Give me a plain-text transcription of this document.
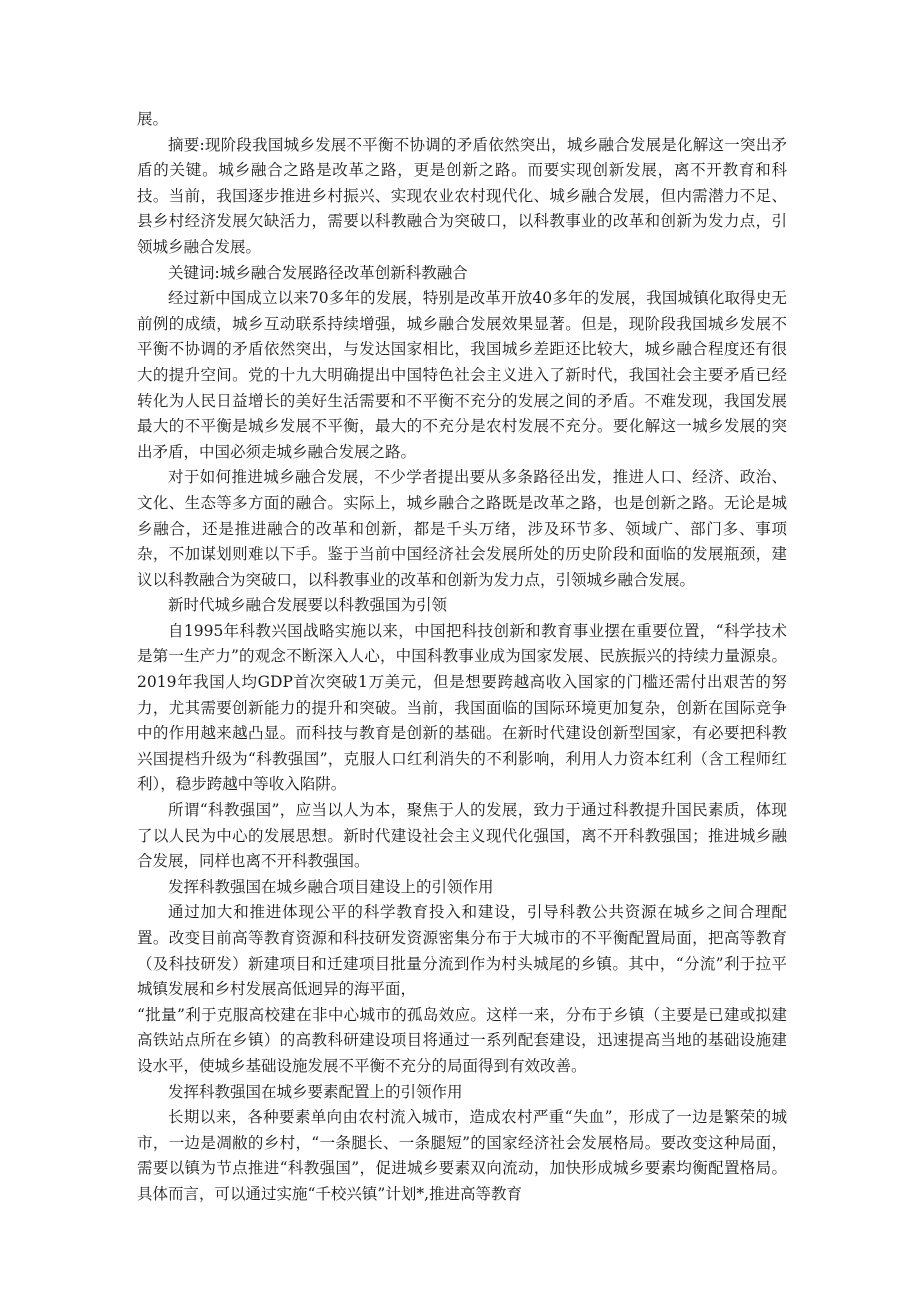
展。

摘要:现阶段我国城乡发展不平衡不协调的矛盾依然突出，城乡融合发展是化解这一突出矛盾的关键。城乡融合之路是改革之路，更是创新之路。而要实现创新发展，离不开教育和科技。当前，我国逐步推进乡村振兴、实现农业农村现代化、城乡融合发展，但内需潜力不足、县乡村经济发展欠缺活力，需要以科教融合为突破口，以科教事业的改革和创新为发力点，引领城乡融合发展。

关键词:城乡融合发展路径改革创新科教融合

经过新中国成立以来70多年的发展，特别是改革开放40多年的发展，我国城镇化取得史无前例的成绩，城乡互动联系持续增强，城乡融合发展效果显著。但是，现阶段我国城乡发展不平衡不协调的矛盾依然突出，与发达国家相比，我国城乡差距还比较大，城乡融合程度还有很大的提升空间。党的十九大明确提出中国特色社会主义进入了新时代，我国社会主要矛盾已经转化为人民日益增长的美好生活需要和不平衡不充分的发展之间的矛盾。不难发现，我国发展最大的不平衡是城乡发展不平衡，最大的不充分是农村发展不充分。要化解这一城乡发展的突出矛盾，中国必须走城乡融合发展之路。

对于如何推进城乡融合发展，不少学者提出要从多条路径出发，推进人口、经济、政治、文化、生态等多方面的融合。实际上，城乡融合之路既是改革之路，也是创新之路。无论是城乡融合，还是推进融合的改革和创新，都是千头万绪，涉及环节多、领域广、部门多、事项杂，不加谋划则难以下手。鉴于当前中国经济社会发展所处的历史阶段和面临的发展瓶颈，建议以科教融合为突破口，以科教事业的改革和创新为发力点，引领城乡融合发展。

新时代城乡融合发展要以科教强国为引领

自1995年科教兴国战略实施以来，中国把科技创新和教育事业摆在重要位置，“科学技术是第一生产力”的观念不断深入人心，中国科教事业成为国家发展、民族振兴的持续力量源泉。2019年我国人均GDP首次突破1万美元，但是想要跨越高收入国家的门槛还需付出艰苦的努力，尤其需要创新能力的提升和突破。当前，我国面临的国际环境更加复杂，创新在国际竞争中的作用越来越凸显。而科技与教育是创新的基础。在新时代建设创新型国家，有必要把科教兴国提档升级为“科教强国”，克服人口红利消失的不利影响，利用人力资本红利（含工程师红利），稳步跨越中等收入陷阱。

所谓“科教强国”，应当以人为本，聚焦于人的发展，致力于通过科教提升国民素质，体现了以人民为中心的发展思想。新时代建设社会主义现代化强国，离不开科教强国；推进城乡融合发展，同样也离不开科教强国。

发挥科教强国在城乡融合项目建设上的引领作用

通过加大和推进体现公平的科学教育投入和建设，引导科教公共资源在城乡之间合理配置。改变目前高等教育资源和科技研发资源密集分布于大城市的不平衡配置局面，把高等教育（及科技研发）新建项目和迁建项目批量分流到作为村头城尾的乡镇。其中，“分流”利于拉平城镇发展和乡村发展高低迥异的海平面，

“批量”利于克服高校建在非中心城市的孤岛效应。这样一来，分布于乡镇（主要是已建或拟建高铁站点所在乡镇）的高教科研建设项目将通过一系列配套建设，迅速提高当地的基础设施建设水平，使城乡基础设施发展不平衡不充分的局面得到有效改善。

发挥科教强国在城乡要素配置上的引领作用

长期以来，各种要素单向由农村流入城市，造成农村严重“失血”，形成了一边是繁荣的城市，一边是凋敝的乡村，“一条腿长、一条腿短”的国家经济社会发展格局。要改变这种局面，需要以镇为节点推进“科教强国”，促进城乡要素双向流动，加快形成城乡要素均衡配置格局。具体而言，可以通过实施“千校兴镇”计划*,推进高等教育
